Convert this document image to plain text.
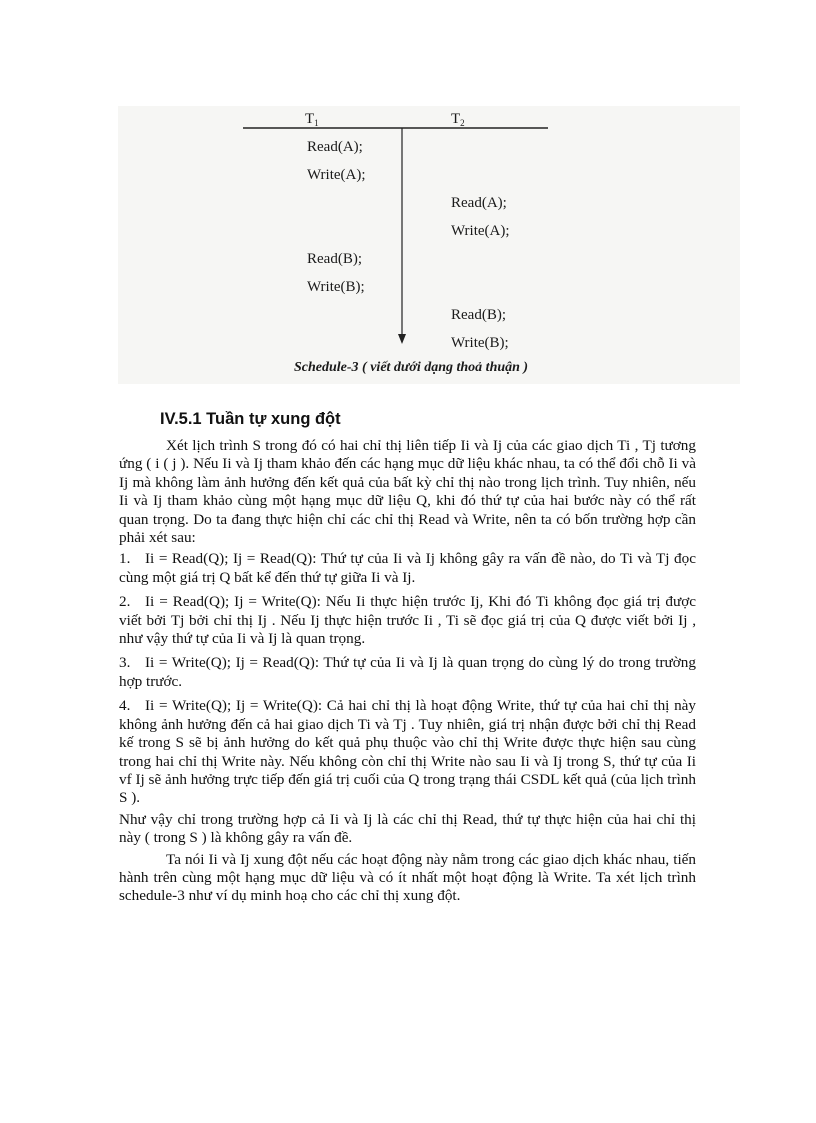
$T_1$	$T_2$
Read(A);
Write(A);
Read(A);
Write(A);
Read(B);
Write(B);
Read(B);
Write(B);
Schedule-3 ( viết dưới dạng thoả thuận )
IV.5.1 Tuần tự xung đột

Xét lịch trình S trong đó có hai chỉ thị liên tiếp Ii và Ij của các giao dịch Ti , Tj tương ứng ( i ( j ). Nếu Ii và Ij tham khảo đến các hạng mục dữ liệu khác nhau, ta có thể đổi chỗ Ii và Ij mà không làm ảnh hưởng đến kết quả của bất kỳ chỉ thị nào trong lịch trình. Tuy nhiên, nếu Ii và Ij tham khảo cùng một hạng mục dữ liệu Q, khi đó thứ tự của hai bước này có thể rất quan trọng. Do ta đang thực hiện chỉ các chỉ thị Read và Write, nên ta có bốn trường hợp cần phải xét sau:

1. Ii = Read(Q); Ij = Read(Q): Thứ tự của Ii và Ij không gây ra vấn đề nào, do Ti và Tj đọc cùng một giá trị Q bất kể đến thứ tự giữa Ii và Ij.

2. Ii = Read(Q); Ij = Write(Q): Nếu Ii thực hiện trước Ij, Khi đó Ti không đọc giá trị được viết bởi Tj bởi chỉ thị Ij . Nếu Ij thực hiện trước Ii , Ti sẽ đọc giá trị của Q được viết bởi Ij , như vậy thứ tự của Ii và Ij là quan trọng.

3. Ii = Write(Q); Ij = Read(Q): Thứ tự của Ii và Ij là quan trọng do cùng lý do trong trường hợp trước.

4. Ii = Write(Q); Ij = Write(Q): Cả hai chỉ thị là hoạt động Write, thứ tự của hai chỉ thị này không ảnh hưởng đến cả hai giao dịch Ti và Tj . Tuy nhiên, giá trị nhận được bởi chỉ thị Read kế trong S sẽ bị ảnh hưởng do kết quả phụ thuộc vào chỉ thị Write được thực hiện sau cùng trong hai chỉ thị Write này. Nếu không còn chỉ thị Write nào sau Ii và Ij trong S, thứ tự của Ii vf Ij sẽ ảnh hưởng trực tiếp đến giá trị cuối của Q trong trạng thái CSDL kết quả (của lịch trình S ).

Như vậy chỉ trong trường hợp cả Ii và Ij là các chỉ thị Read, thứ tự thực hiện của hai chỉ thị này ( trong S ) là không gây ra vấn đề.

Ta nói Ii và Ij xung đột nếu các hoạt động này nằm trong các giao dịch khác nhau, tiến hành trên cùng một hạng mục dữ liệu và có ít nhất một hoạt động là Write. Ta xét lịch trình schedule-3 như ví dụ minh hoạ cho các chỉ thị xung đột.
